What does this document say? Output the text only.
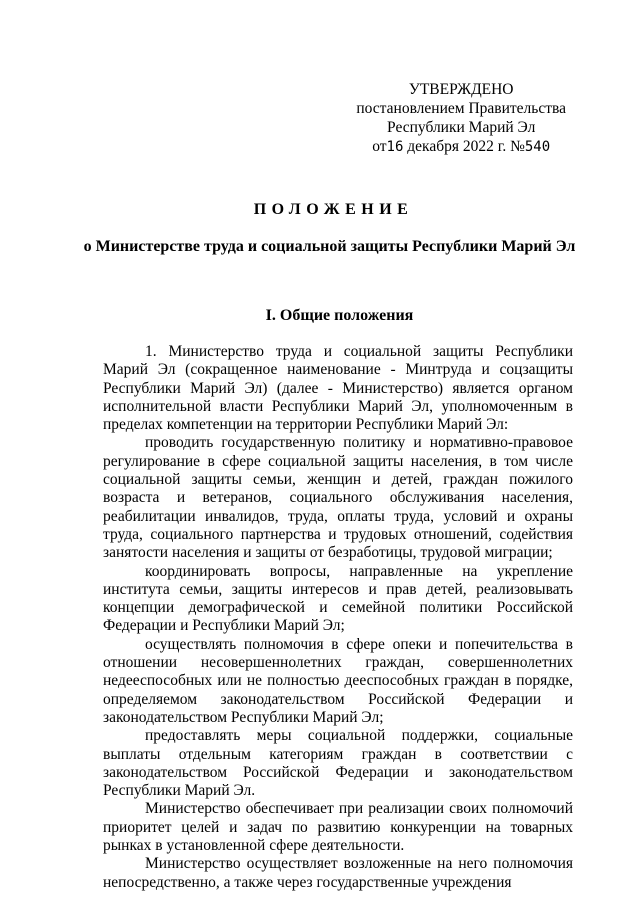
УТВЕРЖДЕНО
постановлением Правительства
Республики Марий Эл
от16 декабря 2022 г. №540
ПОЛОЖЕНИЕ
о Министерстве труда и социальной защиты Республики Марий Эл
I. Общие положения

1. Министерство труда и социальной защиты Республики Марий Эл (сокращенное наименование - Минтруда и соцзащиты Республики Марий Эл) (далее - Министерство) является органом исполнительной власти Республики Марий Эл, уполномоченным в пределах компетенции на территории Республики Марий Эл:

проводить государственную политику и нормативно-правовое регулирование в сфере социальной защиты населения, в том числе социальной защиты семьи, женщин и детей, граждан пожилого возраста и ветеранов, социального обслуживания населения, реабилитации инвалидов, труда, оплаты труда, условий и охраны труда, социального партнерства и трудовых отношений, содействия занятости населения и защиты от безработицы, трудовой миграции;

координировать вопросы, направленные на укрепление института семьи, защиты интересов и прав детей, реализовывать концепции демографической и семейной политики Российской Федерации и Республики Марий Эл;

осуществлять полномочия в сфере опеки и попечительства в отношении несовершеннолетних граждан, совершеннолетних недееспособных или не полностью дееспособных граждан в порядке, определяемом законодательством Российской Федерации и законодательством Республики Марий Эл;

предоставлять меры социальной поддержки, социальные выплаты отдельным категориям граждан в соответствии с законодательством Российской Федерации и законодательством Республики Марий Эл.

Министерство обеспечивает при реализации своих полномочий приоритет целей и задач по развитию конкуренции на товарных рынках в установленной сфере деятельности.

Министерство осуществляет возложенные на него полномочия непосредственно, а также через государственные учреждения
